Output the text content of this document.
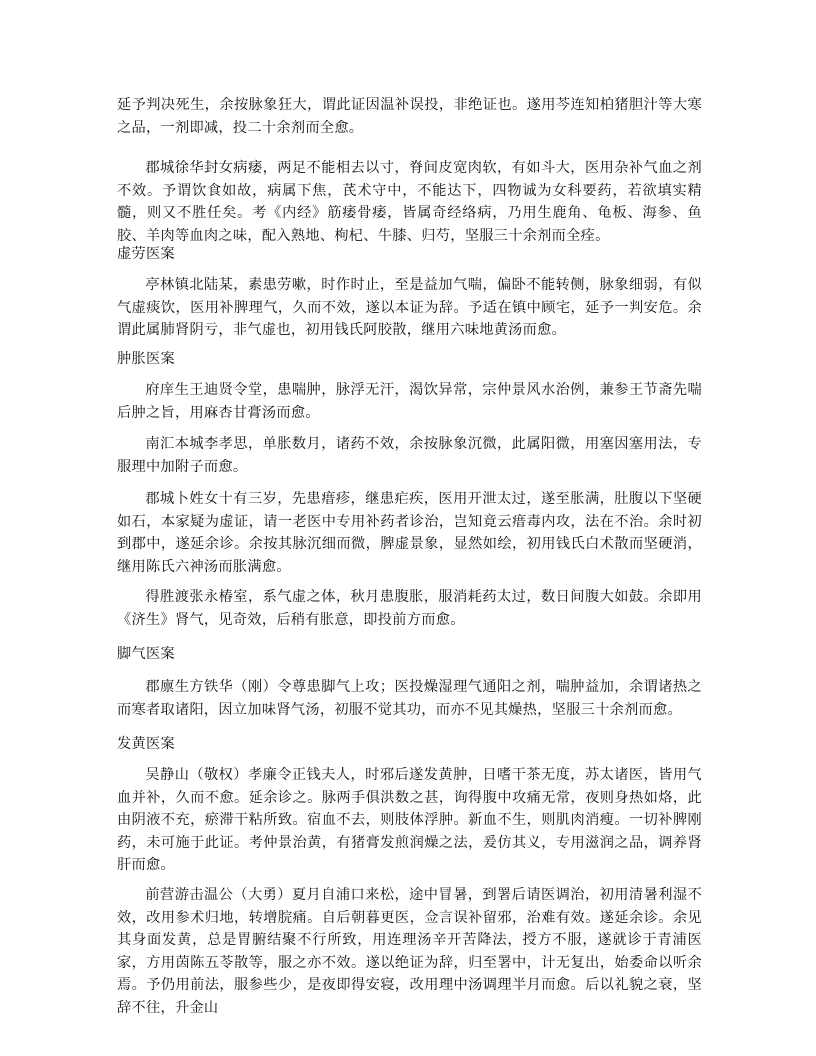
延予判决死生，余按脉象狂大，谓此证因温补误投，非绝证也。遂用芩连知柏猪胆汁等大寒之品，一剂即减，投二十余剂而全愈。

郡城徐华封女病痿，两足不能相去以寸，脊间皮宽肉软，有如斗大，医用杂补气血之剂不效。予谓饮食如故，病属下焦，芪术守中，不能达下，四物诚为女科要药，若欲填实精髓，则又不胜任矣。考《内经》筋痿骨痿，皆属奇经络病，乃用生鹿角、龟板、海参、鱼胶、羊肉等血肉之味，配入熟地、枸杞、牛膝、归芍，坚服三十余剂而全痊。

虚劳医案

亭林镇北陆某，素患劳嗽，时作时止，至是益加气喘，偏卧不能转侧，脉象细弱，有似气虚痰饮，医用补脾理气，久而不效，遂以本证为辞。予适在镇中顾宅，延予一判安危。余谓此属肺肾阴亏，非气虚也，初用钱氏阿胶散，继用六味地黄汤而愈。

肿胀医案

府庠生王迪贤令堂，患喘肿，脉浮无汗，渴饮异常，宗仲景风水治例，兼参王节斋先喘后肿之旨，用麻杏甘膏汤而愈。

南汇本城李孝思，单胀数月，诸药不效，余按脉象沉微，此属阳微，用塞因塞用法，专服理中加附子而愈。

郡城卜姓女十有三岁，先患瘄疹，继患疟疾，医用开泄太过，遂至胀满，肚腹以下坚硬如石，本家疑为虚证，请一老医中专用补药者诊治，岂知竟云瘄毒内攻，法在不治。余时初到郡中，遂延余诊。余按其脉沉细而微，脾虚景象，显然如绘，初用钱氏白术散而坚硬消，继用陈氏六神汤而胀满愈。

得胜渡张永椿室，系气虚之体，秋月患腹胀，服消耗药太过，数日间腹大如鼓。余即用《济生》肾气，见奇效，后稍有胀意，即投前方而愈。

脚气医案

郡廪生方铁华（刚）令尊患脚气上攻；医投燥湿理气通阳之剂，喘肿益加，余谓诸热之而寒者取诸阳，因立加味肾气汤，初服不觉其功，而亦不见其燥热，坚服三十余剂而愈。

发黄医案

吴静山（敬权）孝廉令正钱夫人，时邪后遂发黄肿，日嗜干茶无度，苏太诸医，皆用气血并补，久而不愈。延余诊之。脉两手俱洪数之甚，询得腹中攻痛无常，夜则身热如烙，此由阴液不充，瘀滞干粘所致。宿血不去，则肢体浮肿。新血不生，则肌肉消瘦。一切补脾刚药，未可施于此证。考仲景治黄，有猪膏发煎润燥之法，爰仿其义，专用滋润之品，调养肾肝而愈。

前营游击温公（大勇）夏月自浦口来松，途中冒暑，到署后请医调治，初用清暑利湿不效，改用参术归地，转增脘痛。自后朝暮更医，佥言误补留邪，治难有效。遂延余诊。余见其身面发黄，总是胃腑结聚不行所致，用连理汤辛开苦降法，授方不服，遂就诊于青浦医家，方用茵陈五苓散等，服之亦不效。遂以绝证为辞，归至署中，计无复出，始委命以听余焉。予仍用前法，服参些少，是夜即得安寝，改用理中汤调理半月而愈。后以礼貌之衰，坚辞不往，升金山
